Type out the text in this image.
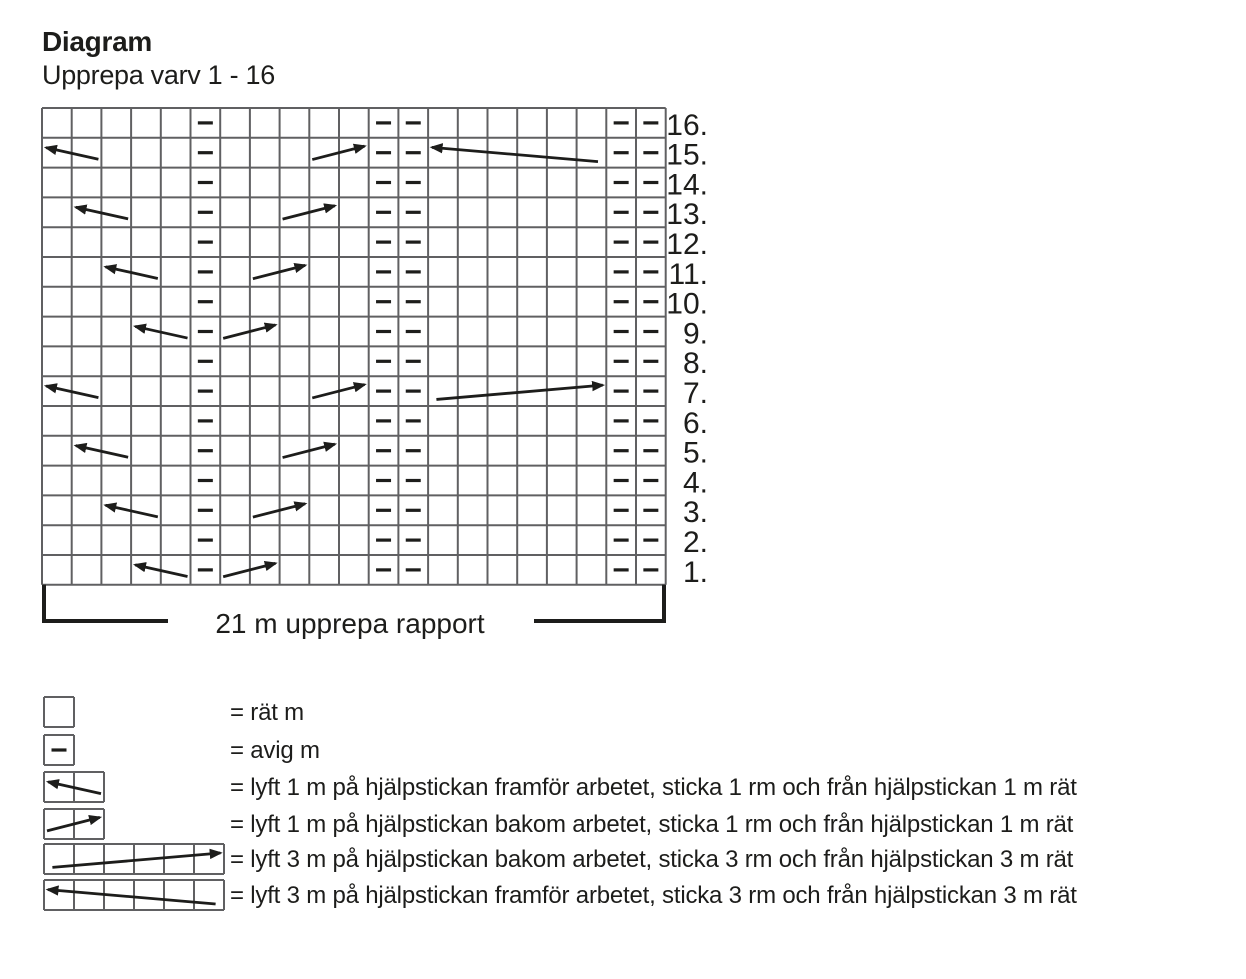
Diagram
Upprepa varv 1 - 16
16.
15.
14.
13.
12.
11.
10.
9.
8.
7.
6.
5.
4.
3.
2.
1.
21 m upprepa rapport
= rät m
= avig m
= lyft 1 m på hjälpstickan framför arbetet, sticka 1 rm och från hjälpstickan 1 m rät
= lyft 1 m på hjälpstickan bakom arbetet, sticka 1 rm och från hjälpstickan 1 m rät
= lyft 3 m på hjälpstickan bakom arbetet, sticka 3 rm och från hjälpstickan 3 m rät
= lyft 3 m på hjälpstickan framför arbetet, sticka 3 rm och från hjälpstickan 3 m rät
